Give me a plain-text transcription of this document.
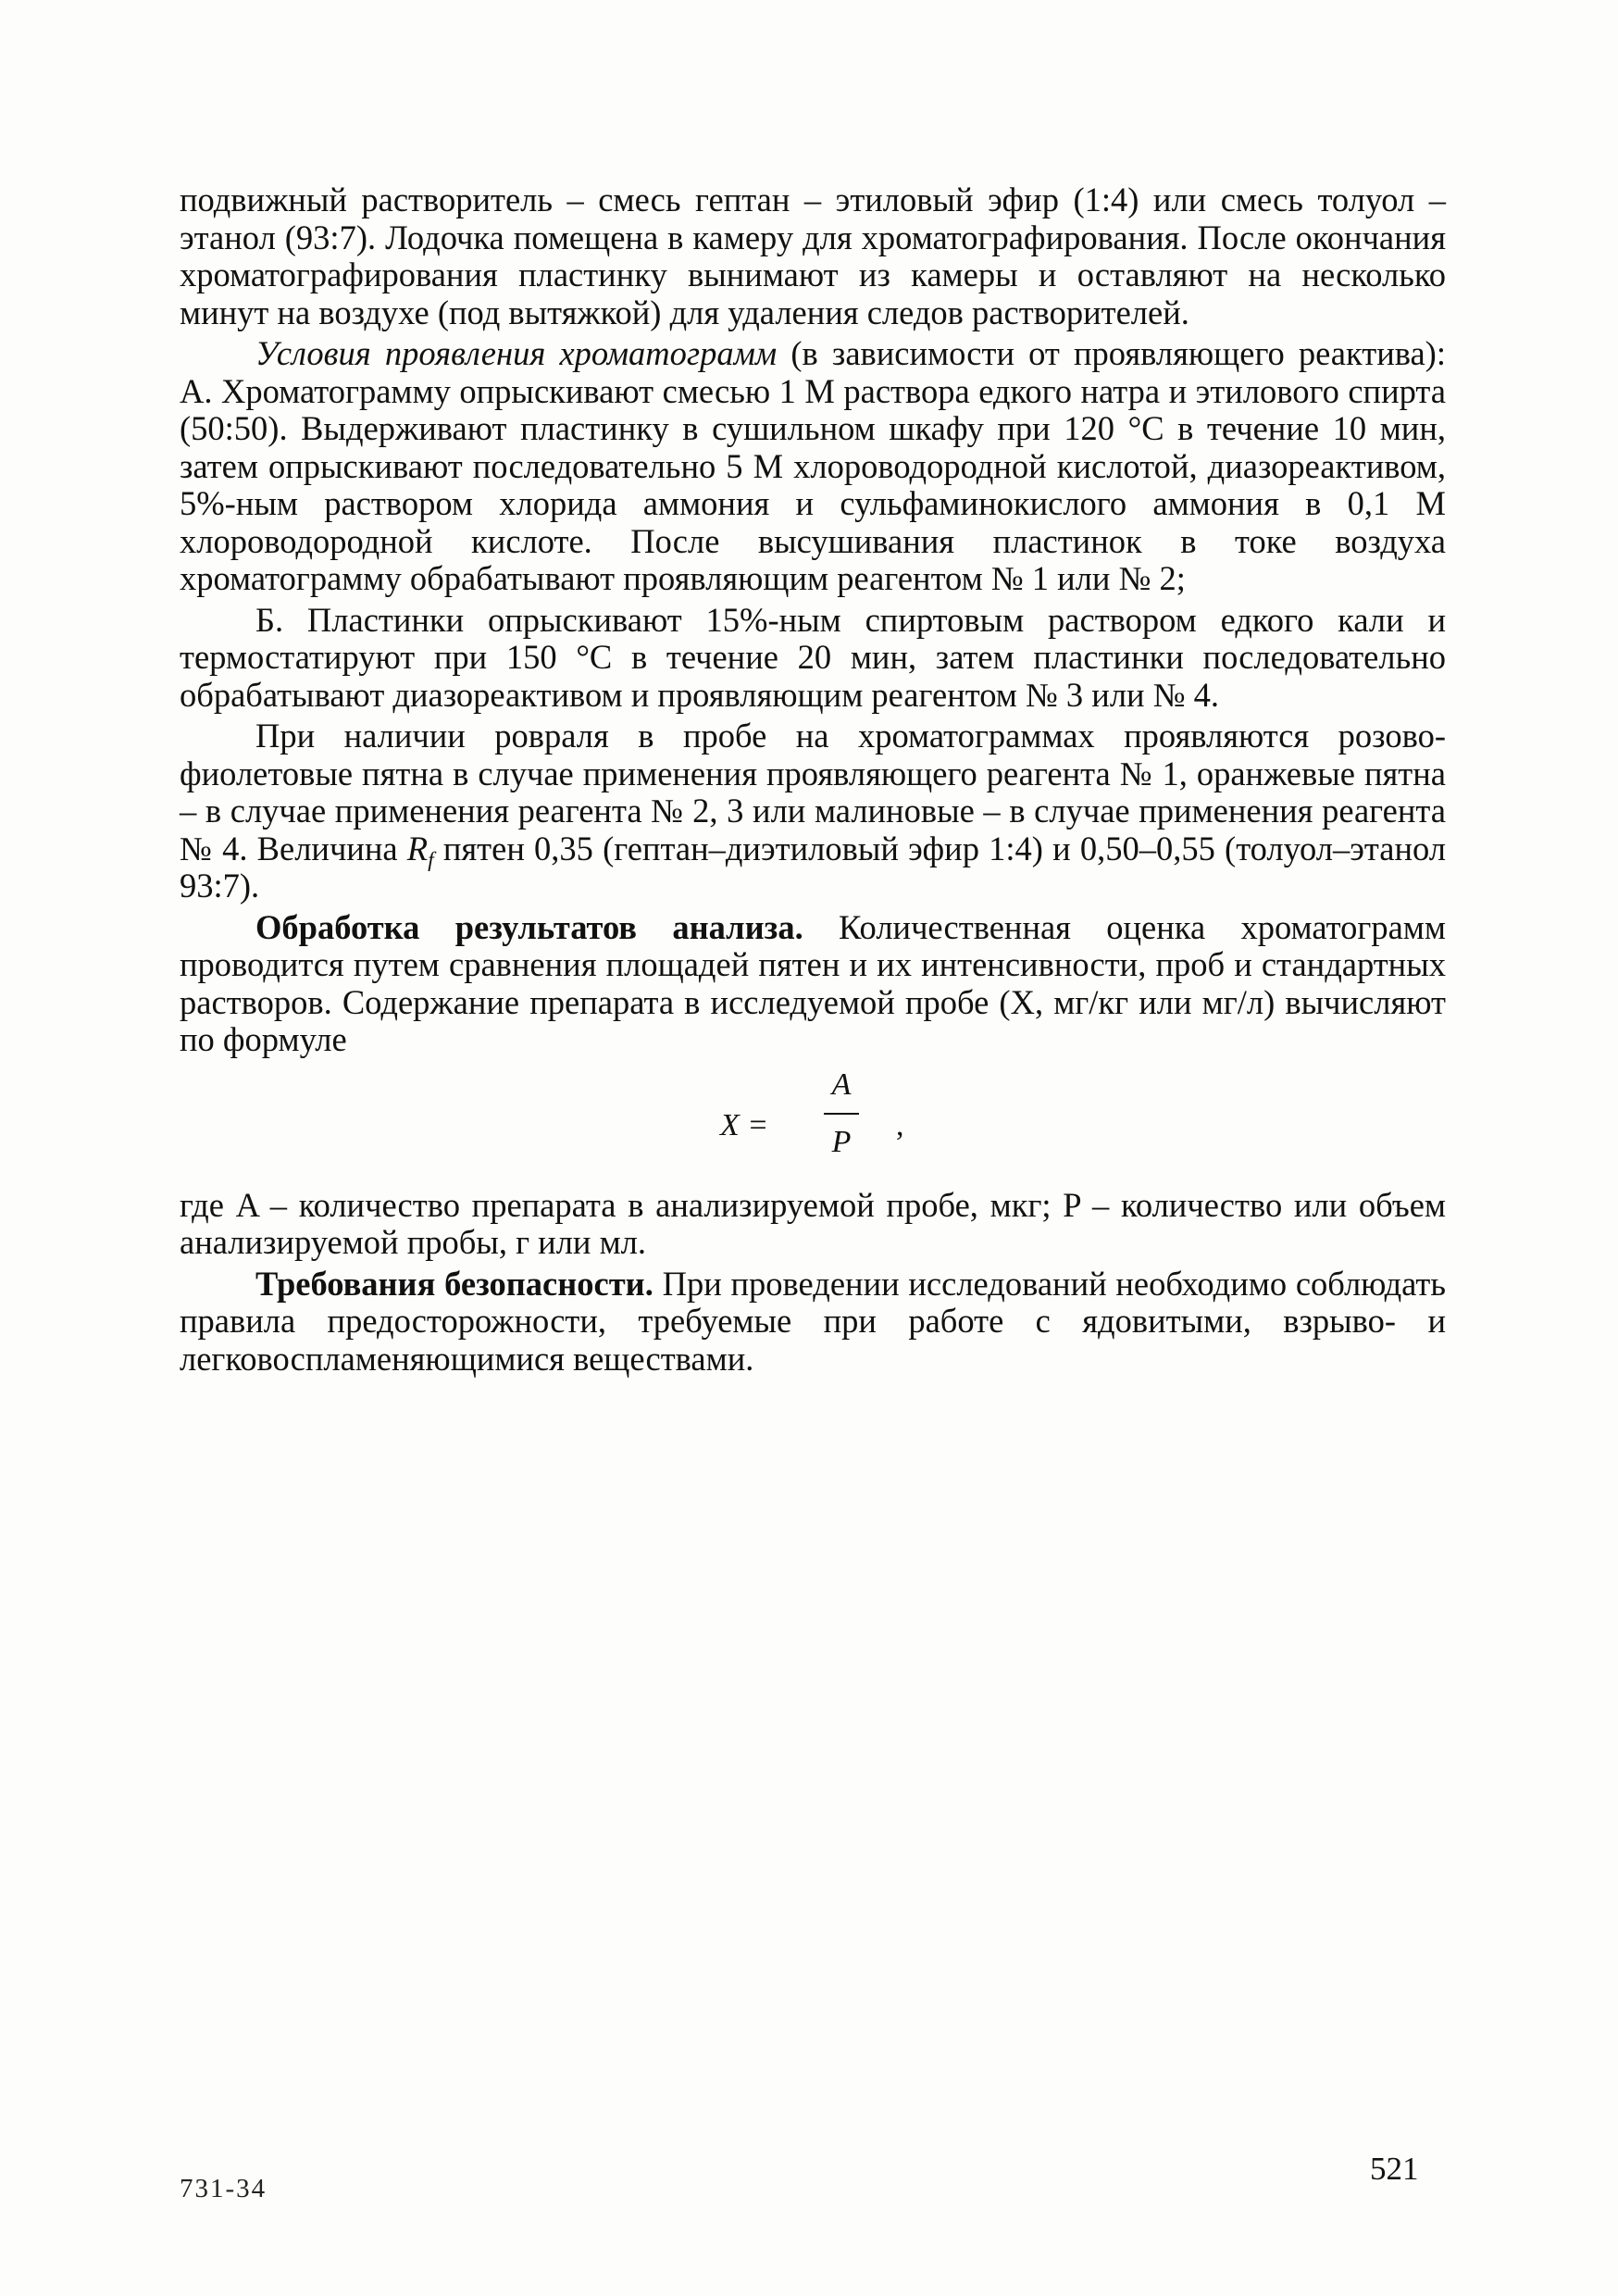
подвижный растворитель – смесь гептан – этиловый эфир (1:4) или смесь толуол – этанол (93:7). Лодочка помещена в камеру для хроматографирования. После окончания хроматографирования пластинку вынимают из камеры и оставляют на несколько минут на воздухе (под вытяжкой) для удаления следов растворителей.

Условия проявления хроматограмм (в зависимости от проявляющего реактива): А. Хроматограмму опрыскивают смесью 1 М раствора едкого натра и этилового спирта (50:50). Выдерживают пластинку в сушильном шкафу при 120 °С в течение 10 мин, затем опрыскивают последовательно 5 М хлороводородной кислотой, диазореактивом, 5%-ным раствором хлорида аммония и сульфаминокислого аммония в 0,1 М хлороводородной кислоте. После высушивания пластинок в токе воздуха хроматограмму обрабатывают проявляющим реагентом № 1 или № 2;

Б. Пластинки опрыскивают 15%-ным спиртовым раствором едкого кали и термостатируют при 150 °С в течение 20 мин, затем пластинки последовательно обрабатывают диазореактивом и проявляющим реагентом № 3 или № 4.

При наличии ровраля в пробе на хроматограммах проявляются розово-фиолетовые пятна в случае применения проявляющего реагента № 1, оранжевые пятна – в случае применения реагента № 2, 3 или малиновые – в случае применения реагента № 4. Величина $R_f$ пятен 0,35 (гептан–диэтиловый эфир 1:4) и 0,50–0,55 (толуол–этанол 93:7).

Обработка результатов анализа. Количественная оценка хроматограмм проводится путем сравнения площадей пятен и их интенсивности, проб и стандартных растворов. Содержание препарата в исследуемой пробе (X, мг/кг или мг/л) вычисляют по формуле

X =
A
P	,

где A – количество препарата в анализируемой пробе, мкг; P – количество или объем анализируемой пробы, г или мл.

Требования безопасности. При проведении исследований необходимо соблюдать правила предосторожности, требуемые при работе с ядовитыми, взрыво- и легковоспламеняющимися веществами.

731-34
521
